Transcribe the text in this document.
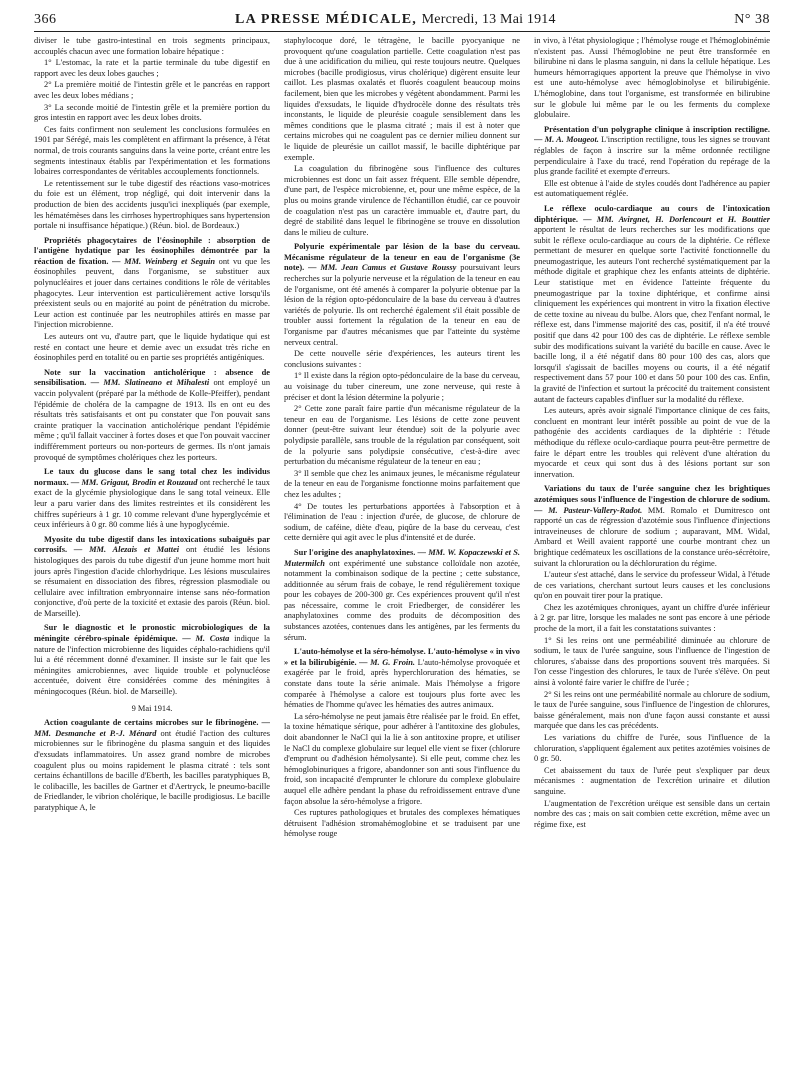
366	LA PRESSE MÉDICALE, Mercredi, 13 Mai 1914	N° 38

diviser le tube gastro-intestinal en trois segments principaux, accouplés chacun avec une formation lobaire hépatique :

1° L'estomac, la rate et la partie terminale du tube digestif en rapport avec les deux lobes gauches ;

2° La première moitié de l'intestin grêle et le pancréas en rapport avec les deux lobes médians ;

3° La seconde moitié de l'intestin grêle et la première portion du gros intestin en rapport avec les deux lobes droits.

Ces faits confirment non seulement les conclusions formulées en 1901 par Sérégé, mais les complètent en affirmant la présence, à l'état normal, de trois courants sanguins dans la veine porte, créant entre les segments intestinaux établis par l'expérimentation et les formations lobaires correspondantes de véritables accouplements fonctionnels.

Le retentissement sur le tube digestif des réactions vaso-motrices du foie est un élément, trop négligé, qui doit intervenir dans la production de bien des accidents jusqu'ici inexpliqués (par exemple, les hématémèses dans les cirrhoses hypertrophiques sans hypertension portale ni insuffisance hépatique.) (Réun. biol. de Bordeaux.)

Propriétés phagocytaires de l'éosinophile : absorption de l'antigène hydatique par les éosinophiles démontrée par la réaction de fixation. — MM. Weinberg et Seguin ont vu que les éosinophiles peuvent, dans l'organisme, se substituer aux polynucléaires et jouer dans certaines conditions le rôle de véritables phagocytes. Leur intervention est particulièrement active lorsqu'ils préexistent seuls ou en majorité au point de pénétration du microbe. Leur action est continuée par les neutrophiles attirés en masse par l'injection microbienne.

Les auteurs ont vu, d'autre part, que le liquide hydatique qui est resté en contact une heure et demie avec un exsudat très riche en éosinophiles perd en totalité ou en partie ses propriétés antigéniques.

Note sur la vaccination anticholérique : absence de sensibilisation. — MM. Slatineano et Mihalesti ont employé un vaccin polyvalent (préparé par la méthode de Kolle-Pfeiffer), pendant l'épidémie de choléra de la campagne de 1913. Ils en ont eu des résultats très satisfaisants et ont pu constater que l'on pouvait sans crainte pratiquer la vaccination anticholérique pendant l'épidémie même ; qu'il fallait vacciner à fortes doses et que l'on pouvait vacciner indifféremment porteurs ou non-porteurs de germes. Ils n'ont jamais provoqué de symptômes cholériques chez les porteurs.

Le taux du glucose dans le sang total chez les individus normaux. — MM. Grigaut, Brodin et Rouzaud ont recherché le taux exact de la glycémie physiologique dans le sang total veineux. Elle leur a paru varier dans des limites restreintes et ils considèrent les chiffres supérieurs à 1 gr. 10 comme relevant d'une hyperglycémie et ceux inférieurs à 0 gr. 80 comme liés à une hypoglycémie.

Myosite du tube digestif dans les intoxications subaiguës par corrosifs. — MM. Alezais et Mattei ont étudié les lésions histologiques des parois du tube digestif d'un jeune homme mort huit jours après l'ingestion d'acide chlorhydrique. Les lésions musculaires se résumaient en dissociation des fibres, régression plasmodiale ou cellulaire avec infiltration embryonnaire intense sans néo-formation conjonctive, d'où perte de la toxicité et extasie des parois (Réun. biol. de Marseille).

Sur le diagnostic et le pronostic microbiologiques de la méningite cérébro-spinale épidémique. — M. Costa indique la nature de l'infection microbienne des liquides céphalo-rachidiens qu'il lui a été récemment donné d'examiner. Il insiste sur le fait que les méningites amicrobiennes, avec liquide trouble et polynucléose accentuée, doivent être considérées comme des méningites à méningocoques (Réun. biol. de Marseille).

9 Mai 1914.

Action coagulante de certains microbes sur le fibrinogène. — MM. Desmanche et P.-J. Ménard ont étudié l'action des cultures microbiennes sur le fibrinogène du plasma sanguin et des liquides d'exsudats inflammatoires. Un assez grand nombre de microbes coagulent plus ou moins rapidement le plasma citraté : tels sont certains échantillons de bacille d'Eberth, les bacilles paratyphiques B, le colibacille, les bacilles de Gartner et d'Aertryck, le pneumo-bacille de Friedlander, le vibrion cholérique, le bacille prodigiosus. Le bacille paratyphique A, le

staphylocoque doré, le tétragène, le bacille pyocyanique ne provoquent qu'une coagulation partielle. Cette coagulation n'est pas due à une acidification du milieu, qui reste toujours neutre. Quelques microbes (bacille prodigiosus, virus cholérique) digèrent ensuite leur caillot. Les plasmas oxalatés et fluorés coagulent beaucoup moins facilement, bien que les microbes y végètent abondamment. Parmi les liquides d'exsudats, le liquide d'hydrocèle donne des résultats très inconstants, le liquide de pleurésie coagule sensiblement dans les mêmes conditions que le plasma citraté ; mais il est à noter que certains microbes qui ne coagulent pas ce dernier milieu donnent sur le liquide de pleurésie un caillot massif, le bacille diphtérique par exemple.

La coagulation du fibrinogène sous l'influence des cultures microbiennes est donc un fait assez fréquent. Elle semble dépendre, d'une part, de l'espèce microbienne, et, pour une même espèce, de la plus ou moins grande virulence de l'échantillon étudié, car ce pouvoir de coagulation n'est pas un caractère immuable et, d'autre part, du degré de stabilité dans lequel le fibrinogène se trouve en dissolution dans le milieu de culture.

Polyurie expérimentale par lésion de la base du cerveau. Mécanisme régulateur de la teneur en eau de l'organisme (3e note). — MM. Jean Camus et Gustave Roussy poursuivant leurs recherches sur la polyurie nerveuse et la régulation de la teneur en eau de l'organisme, ont été amenés à comparer la polyurie obtenue par la lésion de la région opto-pédonculaire de la base du cerveau à d'autres variétés de polyurie. Ils ont recherché également s'il était possible de troubler aussi fortement la régulation de la teneur en eau de l'organisme par d'autres mécanismes que par l'atteinte du système nerveux central.

De cette nouvelle série d'expériences, les auteurs tirent les conclusions suivantes :

1° Il existe dans la région opto-pédonculaire de la base du cerveau, au voisinage du tuber cinereum, une zone nerveuse, qui reste à préciser et dont la lésion détermine la polyurie ;

2° Cette zone paraît faire partie d'un mécanisme régulateur de la teneur en eau de l'organisme. Les lésions de cette zone peuvent donner (peut-être suivant leur étendue) soit de la polyurie avec polydipsie parallèle, sans trouble de la régulation par conséquent, soit de la polyurie sans polydipsie consécutive, c'est-à-dire avec perturbation du mécanisme régulateur de la teneur en eau ;

3° Il semble que chez les animaux jeunes, le mécanisme régulateur de la teneur en eau de l'organisme fonctionne moins parfaitement que chez les adultes ;

4° De toutes les perturbations apportées à l'absorption et à l'élimination de l'eau : injection d'urée, de glucose, de chlorure de sodium, de caféine, diète d'eau, piqûre de la base du cerveau, c'est cette dernière qui agit avec le plus d'intensité et de durée.

Sur l'origine des anaphylatoxines. — MM. W. Kopaczewski et S. Mutermilch ont expérimenté une substance colloïdale non azotée, notamment la combinaison sodique de la pectine ; cette substance, additionnée au sérum frais de cobaye, le rend régulièrement toxique pour les cobayes de 200-300 gr. Ces expériences prouvent qu'il n'est pas nécessaire, comme le croit Friedberger, de considérer les anaphylatoxines comme des produits de décomposition des substances azotées, contenues dans les antigènes, par les ferments du sérum.

L'auto-hémolyse et la séro-hémolyse. L'auto-hémolyse « in vivo » et la bilirubigénie. — M. G. Froin. L'auto-hémolyse provoquée et exagérée par le froid, après hyperchloruration des hématies, se constate dans toute la série animale. Mais l'hémolyse a frigore comparée à l'hémolyse a calore est toujours plus forte avec les hématies de l'homme qu'avec les hématies des autres animaux.

La séro-hémolyse ne peut jamais être réalisée par le froid. En effet, la toxine hématique sérique, pour adhérer à l'antitoxine des globules, doit abandonner le NaCl qui la lie à son antitoxine propre, et utiliser le NaCl du complexe globulaire sur lequel elle vient se fixer (chlorure d'emprunt ou d'adhésion hémolysante). Si elle peut, comme chez les hémoglobinuriques a frigore, abandonner son anti sous l'influence du froid, son incapacité d'emprunter le chlorure du complexe globulaire auquel elle adhère pendant la phase du refroidissement entrave d'une façon absolue la séro-hémolyse a frigore.

Ces ruptures pathologiques et brutales des complexes hématiques détruisent l'adhésion stromahémoglobine et se traduisent par une hémolyse rouge

in vivo, à l'état physiologique ; l'hémolyse rouge et l'hémoglobinémie n'existent pas. Aussi l'hémoglobine ne peut être transformée en bilirubine ni dans le plasma sanguin, ni dans la cellule hépatique. Les humeurs hémorragiques apportent la preuve que l'hémolyse in vivo est une auto-hémolyse avec hémoglobinolyse et bilirubigénie. L'hémoglobine, dans tout l'organisme, est transformée en bilirubine sur le globule lui même par le ou les ferments du complexe globulaire.

Présentation d'un polygraphe clinique à inscription rectiligne. — M. A. Mougeot. L'inscription rectiligne, tous les signes se trouvant réglables de façon à inscrire sur la même ordonnée rectiligne perpendiculaire à l'axe du tracé, rend l'opération du repérage de la plus grande facilité et exempte d'erreurs.

Elle est obtenue à l'aide de styles coudés dont l'adhérence au papier est automatiquement réglée.

Le réflexe oculo-cardiaque au cours de l'intoxication diphtérique. — MM. Avirgnet, H. Dorlencourt et H. Bouttier apportent le résultat de leurs recherches sur les modifications que subit le réflexe oculo-cardiaque au cours de la diphtérie. Ce réflexe permettant de mesurer en quelque sorte l'activité fonctionnelle du pneumogastrique, les auteurs l'ont recherché systématiquement par la méthode digitale et graphique chez les enfants atteints de diphtérie. Leur statistique met en évidence l'atteinte fréquente du pneumogastrique par la toxine diphtérique, et confirme ainsi cliniquement les expériences qui montrent in vitro la fixation élective de cette toxine au niveau du bulbe. Alors que, chez l'enfant normal, le réflexe est, dans l'immense majorité des cas, positif, il n'a été trouvé positif que dans 42 pour 100 des cas de diphtérie. Le réflexe semble subir des modifications suivant la variété du bacille en cause. Avec le bacille long, il a été négatif dans 80 pour 100 des cas, alors que lorsqu'il s'agissait de bacilles moyens ou courts, il a été négatif respectivement dans 57 pour 100 et dans 50 pour 100 des cas. Enfin, la gravité de l'infection et surtout la précocité du traitement consistent autant de facteurs capables d'influer sur la modalité du réflexe.

Les auteurs, après avoir signalé l'importance clinique de ces faits, concluent en montrant leur intérêt possible au point de vue de la pathogénie des accidents cardiaques de la diphtérie : l'étude méthodique du réflexe oculo-cardiaque pourra peut-être permettre de faire le départ entre les troubles qui relèvent d'une altération du myocarde et ceux qui sont dus à des lésions portant sur son innervation.

Variations du taux de l'urée sanguine chez les brightiques azotémiques sous l'influence de l'ingestion de chlorure de sodium. — M. Pasteur-Vallery-Radot. MM. Romalo et Dumitresco ont rapporté un cas de régression d'azotémie sous l'influence d'injections intraveineuses de chlorure de sodium ; auparavant, MM. Widal, Ambard et Weill avaient rapporté une courbe montrant chez un brightique cedémateux les oscillations de la constance uréo-sécrétoire, suivant la chloruration ou la déchloruration du régime.

L'auteur s'est attaché, dans le service du professeur Widal, à l'étude de ces variations, cherchant surtout leurs causes et les conclusions qu'on en pouvait tirer pour la pratique.

Chez les azotémiques chroniques, ayant un chiffre d'urée inférieur à 2 gr. par litre, lorsque les malades ne sont pas encore à une période proche de la mort, il a fait les constatations suivantes :

1° Si les reins ont une perméabilité diminuée au chlorure de sodium, le taux de l'urée sanguine, sous l'influence de l'ingestion de chlorures, s'abaisse dans des proportions souvent très marquées. Si l'on cesse l'ingestion des chlorures, le taux de l'urée s'élève. On peut ainsi à volonté faire varier le chiffre de l'urée ;

2° Si les reins ont une perméabilité normale au chlorure de sodium, le taux de l'urée sanguine, sous l'influence de l'ingestion de chlorures, baisse généralement, mais non d'une façon aussi constante et aussi marquée que dans les cas précédents.

Les variations du chiffre de l'urée, sous l'influence de la chloruration, s'appliquent également aux petites azotémies voisines de 0 gr. 50.

Cet abaissement du taux de l'urée peut s'expliquer par deux mécanismes : augmentation de l'excrétion urinaire et dilution sanguine.

L'augmentation de l'excrétion uréique est sensible dans un certain nombre des cas ; mais on sait combien cette excrétion, même avec un régime fixe, est
